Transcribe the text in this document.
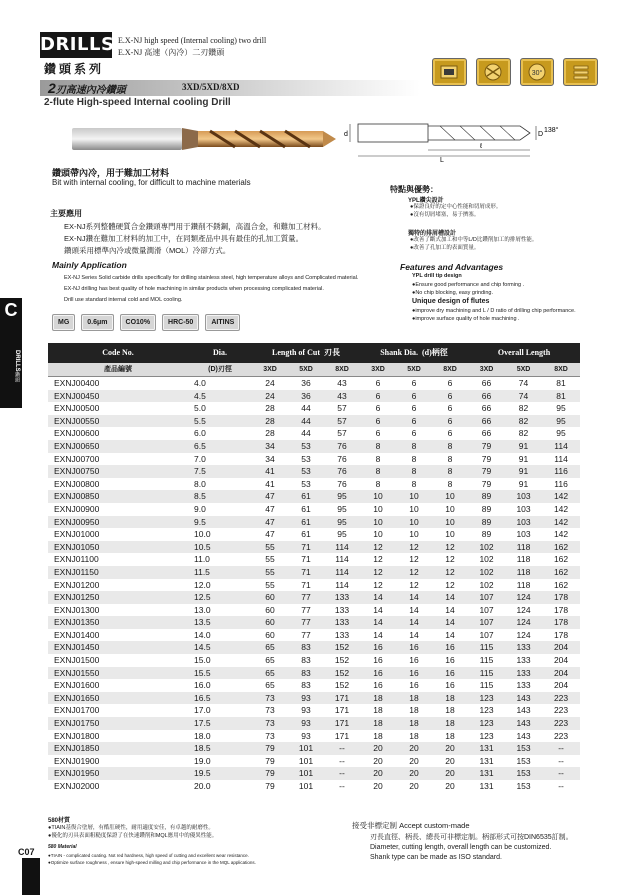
DRILLS
鑽頭系列
E.X-NJ high speed (Internal cooling) two drill
E.X-NJ 高速（內冷）二刃鑽頭
30°
2刃高速內冷鑽頭	3XD/5XD/8XD
2-flute High-speed Internal cooling Drill
d	D
138°
L
ℓ
鑽頭帶內冷，用于難加工材料
Bit with internal cooling, for difficult to machine materials
特點與優勢：
YPL鑽尖設計
●保證良好的定中心性能和切屑成形。
●沒有切屑堵塞，易于擠塞。
獨特的排屑槽設計
●改善了斷式加工和中等L/D比鑽削加工的排屑性能。
●改善了孔加工的表面質量。
主要應用
EX-NJ系列整體硬質合金鑽頭專門用于鑽削不銹鋼，高溫合金，和難加工材料。
EX-NJ鑽在難加工材料的加工中，在同類產品中具有最佳的孔加工質量。
鑽頭采用標準內冷或微量潤滑（MOL）冷卻方式。
Mainly Application
EX-NJ Series Solid carbide drills specifically for drilling stainless steel, high temperature alloys and Complicated material.
EX-NJ drilling has best quality of hole machining in similar products when processing complicated material.
Drill use standard internal cold and MOL cooling.
Features and Advantages
YPL drill tip design
●Ensure good performance and chip forming .
●No chip blocking, easy grinding.
Unique design of flutes
●improve dry machining and L / D ratio of drilling chip performance.
●improve surface quality of hole machining .
C
DRILLS
鑽頭
MG	0.6μm	CO10%	HRC-50	AITINS
Code No.	Dia.	Length of Cut 刃長			Shank Dia. (d)柄徑			Overall Length		
產品編號	(D)刃徑	3XD	5XD	8XD	3XD	5XD	8XD	3XD	5XD	8XD
EXNJ00400	4.0	24	36	43	6	6	6	66	74	81
EXNJ00450	4.5	24	36	43	6	6	6	66	74	81
EXNJ00500	5.0	28	44	57	6	6	6	66	82	95
EXNJ00550	5.5	28	44	57	6	6	6	66	82	95
EXNJ00600	6.0	28	44	57	6	6	6	66	82	95
EXNJ00650	6.5	34	53	76	8	8	8	79	91	114
EXNJ00700	7.0	34	53	76	8	8	8	79	91	114
EXNJ00750	7.5	41	53	76	8	8	8	79	91	116
EXNJ00800	8.0	41	53	76	8	8	8	79	91	116
EXNJ00850	8.5	47	61	95	10	10	10	89	103	142
EXNJ00900	9.0	47	61	95	10	10	10	89	103	142
EXNJ00950	9.5	47	61	95	10	10	10	89	103	142
EXNJ01000	10.0	47	61	95	10	10	10	89	103	142
EXNJ01050	10.5	55	71	114	12	12	12	102	118	162
EXNJ01100	11.0	55	71	114	12	12	12	102	118	162
EXNJ01150	11.5	55	71	114	12	12	12	102	118	162
EXNJ01200	12.0	55	71	114	12	12	12	102	118	162
EXNJ01250	12.5	60	77	133	14	14	14	107	124	178
EXNJ01300	13.0	60	77	133	14	14	14	107	124	178
EXNJ01350	13.5	60	77	133	14	14	14	107	124	178
EXNJ01400	14.0	60	77	133	14	14	14	107	124	178
EXNJ01450	14.5	65	83	152	16	16	16	115	133	204
EXNJ01500	15.0	65	83	152	16	16	16	115	133	204
EXNJ01550	15.5	65	83	152	16	16	16	115	133	204
EXNJ01600	16.0	65	83	152	16	16	16	115	133	204
EXNJ01650	16.5	73	93	171	18	18	18	123	143	223
EXNJ01700	17.0	73	93	171	18	18	18	123	143	223
EXNJ01750	17.5	73	93	171	18	18	18	123	143	223
EXNJ01800	18.0	73	93	171	18	18	18	123	143	223
EXNJ01850	18.5	79	101	--	20	20	20	131	153	--
EXNJ01900	19.0	79	101	--	20	20	20	131	153	--
EXNJ01950	19.5	79	101	--	20	20	20	131	153	--
EXNJ02000	20.0	79	101	--	20	20	20	131	153	--
580材質
●TIAIN基復合塗層，有酷肛硬性，耐用適度安佳，有卓越的耐磨性。
●優化的刃具表面粗糙度保證了在快速鑽削和MQL應用中的優異性能。
580 Material
●TIAIN - complicated coating. Not red hardness, high speed of cutting and excellent wear resistance.
●Optimize surface roughness , ensure high-speed milling and chip performance in the MQL applications.
接受非標定制 Accept custom-made
刃長直徑、柄長、總長可非標定制。柄部形式可按DIN6535訂制。
Diameter, cutting length, overall length can be customized.
Shank type can be made as ISO standard.
C07
